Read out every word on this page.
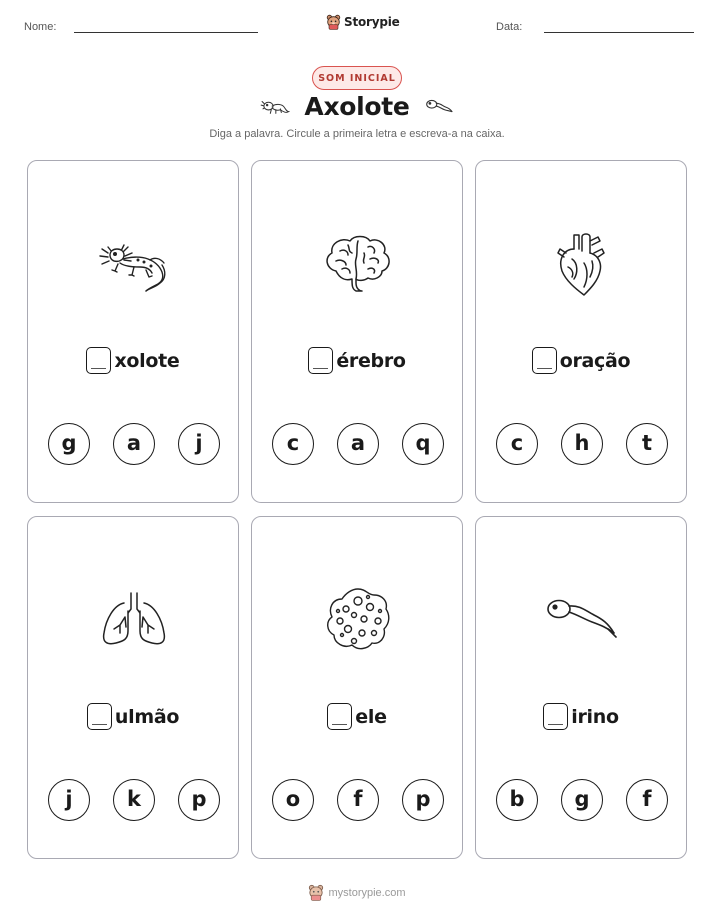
Nome:	Storypie	Data:
SOM INICIAL
Axolote
Diga a palavra. Circule a primeira letra e escreva-a na caixa.
xolote
g	a	j
érebro
c	a	q
oração
c	h	t
ulmão
j	k	p
ele
o	f	p
irino
b	g	f
mystorypie.com
